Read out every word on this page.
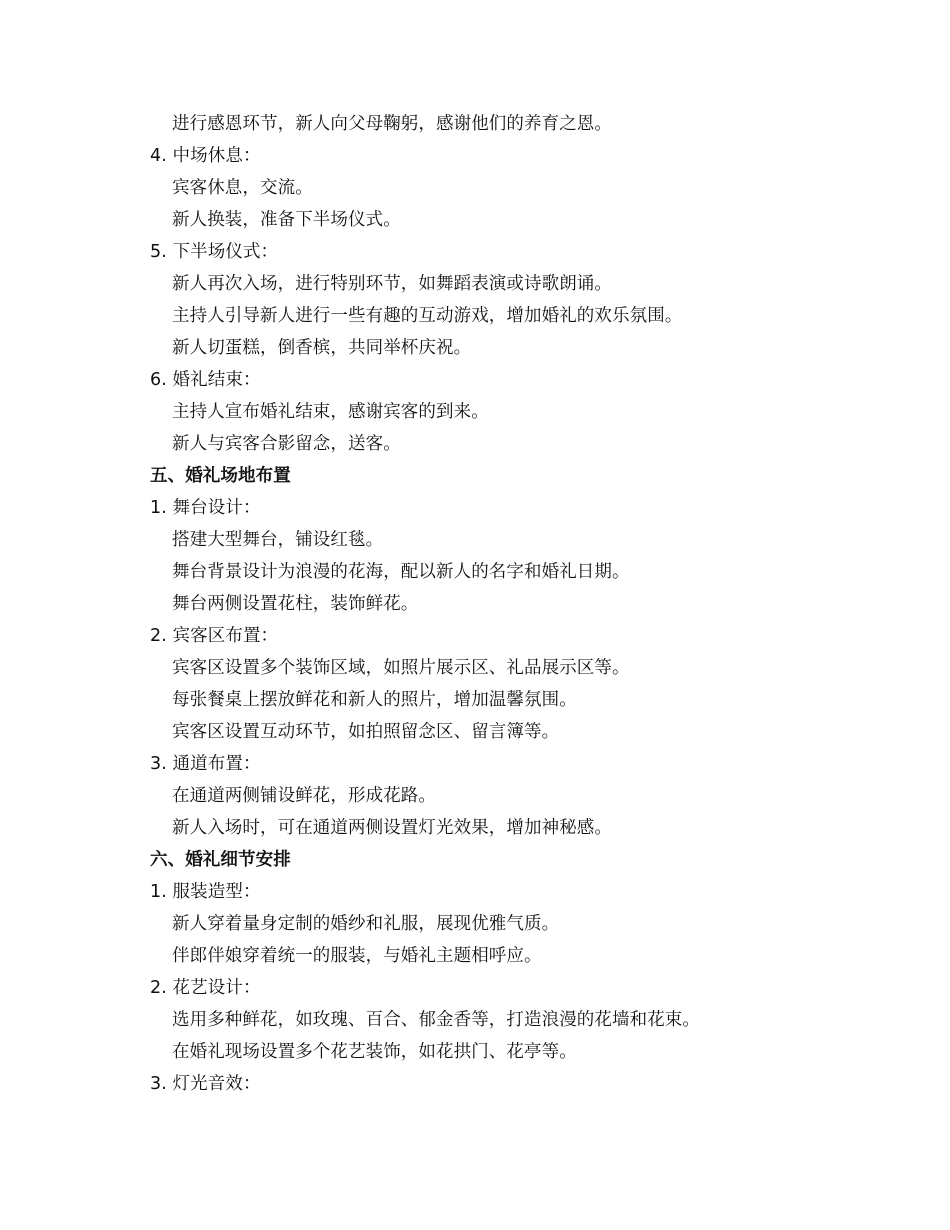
进行感恩环节，新人向父母鞠躬，感谢他们的养育之恩。
4. 中场休息：
宾客休息，交流。
新人换装，准备下半场仪式。
5. 下半场仪式：
新人再次入场，进行特别环节，如舞蹈表演或诗歌朗诵。
主持人引导新人进行一些有趣的互动游戏，增加婚礼的欢乐氛围。
新人切蛋糕，倒香槟，共同举杯庆祝。
6. 婚礼结束：
主持人宣布婚礼结束，感谢宾客的到来。
新人与宾客合影留念，送客。
五、婚礼场地布置
1. 舞台设计：
搭建大型舞台，铺设红毯。
舞台背景设计为浪漫的花海，配以新人的名字和婚礼日期。
舞台两侧设置花柱，装饰鲜花。
2. 宾客区布置：
宾客区设置多个装饰区域，如照片展示区、礼品展示区等。
每张餐桌上摆放鲜花和新人的照片，增加温馨氛围。
宾客区设置互动环节，如拍照留念区、留言簿等。
3. 通道布置：
在通道两侧铺设鲜花，形成花路。
新人入场时，可在通道两侧设置灯光效果，增加神秘感。
六、婚礼细节安排
1. 服装造型：
新人穿着量身定制的婚纱和礼服，展现优雅气质。
伴郎伴娘穿着统一的服装，与婚礼主题相呼应。
2. 花艺设计：
选用多种鲜花，如玫瑰、百合、郁金香等，打造浪漫的花墙和花束。
在婚礼现场设置多个花艺装饰，如花拱门、花亭等。
3. 灯光音效：
